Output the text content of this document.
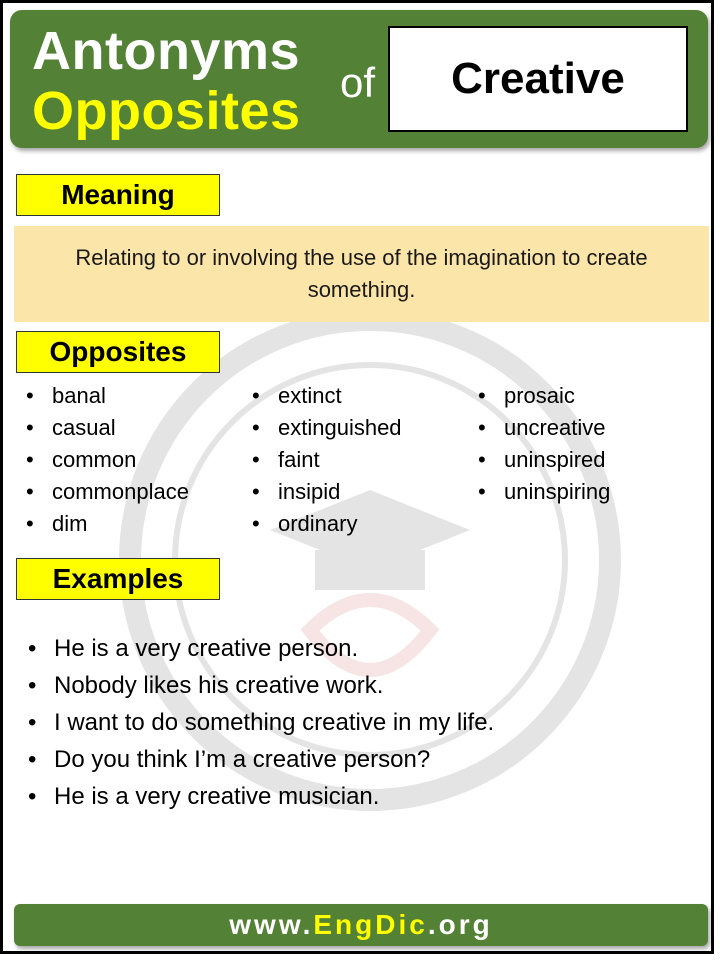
Antonyms
Opposites of	Creative
Meaning
Relating to or involving the use of the imagination to create something.
Opposites
• banal
• casual
• common
• commonplace
• dim
• extinct
• extinguished
• faint
• insipid
• ordinary
• prosaic
• uncreative
• uninspired
• uninspiring
Examples
• He is a very creative person.
• Nobody likes his creative work.
• I want to do something creative in my life.
• Do you think I’m a creative person?
• He is a very creative musician.
www. EngDic .org
